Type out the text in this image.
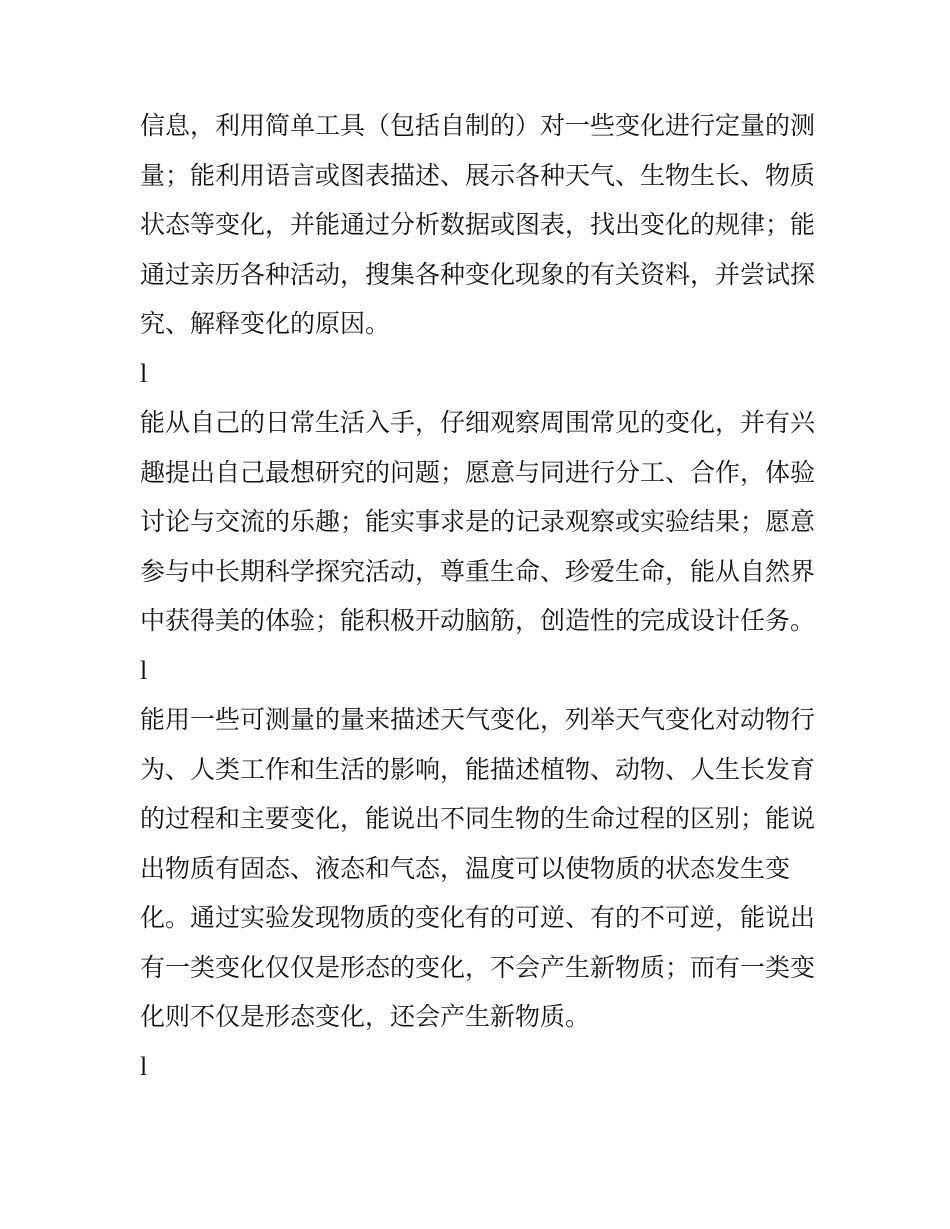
信息，利用简单工具（包括自制的）对一些变化进行定量的测
量；能利用语言或图表描述、展示各种天气、生物生长、物质
状态等变化，并能通过分析数据或图表，找出变化的规律；能
通过亲历各种活动，搜集各种变化现象的有关资料，并尝试探
究、解释变化的原因。
l
能从自己的日常生活入手，仔细观察周围常见的变化，并有兴
趣提出自己最想研究的问题；愿意与同进行分工、合作，体验
讨论与交流的乐趣；能实事求是的记录观察或实验结果；愿意
参与中长期科学探究活动，尊重生命、珍爱生命，能从自然界
中获得美的体验；能积极开动脑筋，创造性的完成设计任务。
l
能用一些可测量的量来描述天气变化，列举天气变化对动物行
为、人类工作和生活的影响，能描述植物、动物、人生长发育
的过程和主要变化，能说出不同生物的生命过程的区别；能说
出物质有固态、液态和气态，温度可以使物质的状态发生变
化。通过实验发现物质的变化有的可逆、有的不可逆，能说出
有一类变化仅仅是形态的变化，不会产生新物质；而有一类变
化则不仅是形态变化，还会产生新物质。
l
